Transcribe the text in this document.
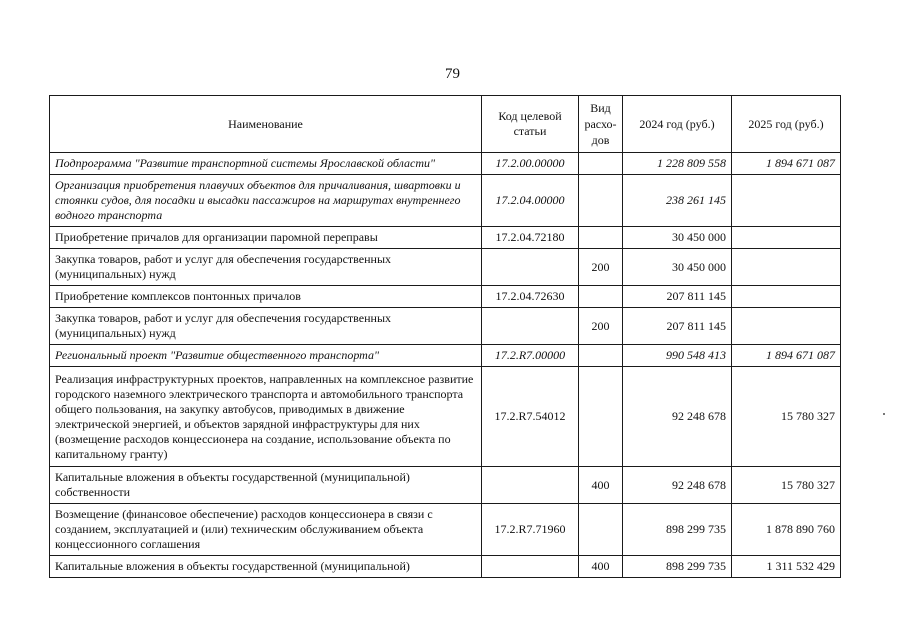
79
Наименование	Код целевой статьи	Вид расхо-дов	2024 год (руб.)	2025 год (руб.)
Подпрограмма "Развитие транспортной системы Ярославской области"	17.2.00.00000		1 228 809 558	1 894 671 087
Организация приобретения плавучих объектов для причаливания, швартовки и стоянки судов, для посадки и высадки пассажиров на маршрутах внутреннего водного транспорта	17.2.04.00000		238 261 145	
Приобретение причалов для организации паромной переправы	17.2.04.72180		30 450 000	
Закупка товаров, работ и услуг для обеспечения государственных (муниципальных) нужд		200	30 450 000	
Приобретение комплексов понтонных причалов	17.2.04.72630		207 811 145	
Закупка товаров, работ и услуг для обеспечения государственных (муниципальных) нужд		200	207 811 145	
Региональный проект "Развитие общественного транспорта"	17.2.R7.00000		990 548 413	1 894 671 087
Реализация инфраструктурных проектов, направленных на комплексное развитие городского наземного электрического транспорта и автомобильного транспорта общего пользования, на закупку автобусов, приводимых в движение электрической энергией, и объектов зарядной инфраструктуры для них (возмещение расходов концессионера на создание, использование объекта по капитальному гранту)	17.2.R7.54012		92 248 678	15 780 327
Капитальные вложения в объекты государственной (муниципальной) собственности		400	92 248 678	15 780 327
Возмещение (финансовое обеспечение) расходов концессионера в связи с созданием, эксплуатацией и (или) техническим обслуживанием объекта концессионного соглашения	17.2.R7.71960		898 299 735	1 878 890 760
Капитальные вложения в объекты государственной (муниципальной)		400	898 299 735	1 311 532 429
